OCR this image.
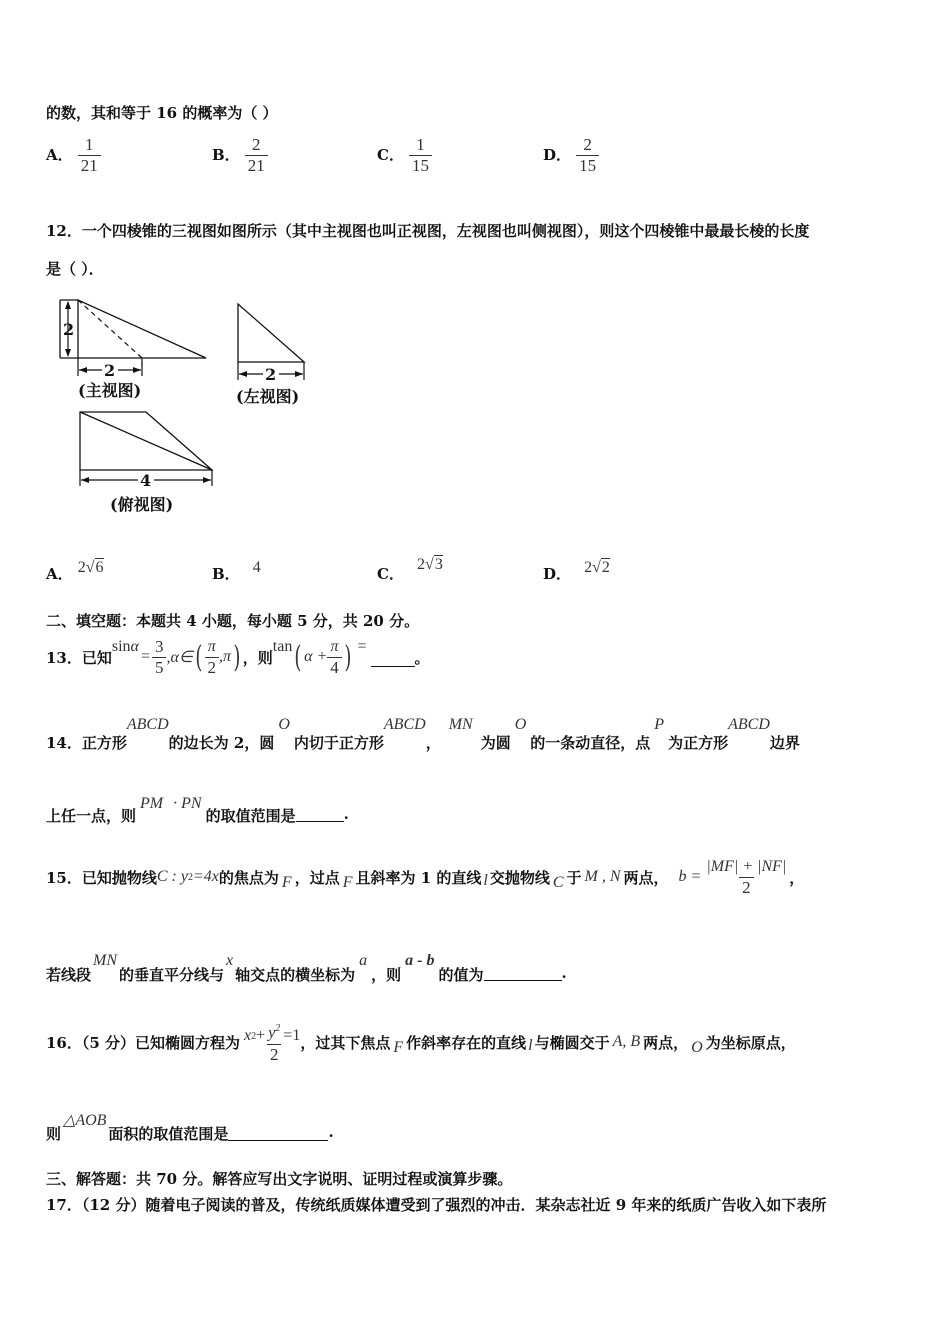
的数，其和等于 16 的概率为（ ）
A． $\frac{1}{21}$	B． $\frac{2}{21}$	C． $\frac{1}{15}$	D． $\frac{2}{15}$
12．一个四棱锥的三视图如图所示（其中主视图也叫正视图，左视图也叫侧视图），则这个四棱锥中最最长棱的长度
是（ ）．
2
2
(主视图)
2
(左视图)
4
(俯视图)
A． 2√6	B． 4	C． 2√3
D． 2√2
二、填空题：本题共 4 小题，每小题 5 分，共 20 分。
13．已知
sin α
= $\frac{3}{5}$ ,α∈ ( $\frac{\pi}{2} ,\pi$ ) ，则
tan ( $\alpha + \frac{\pi}{4}$ ) =
。
14．正方形
ABCD
的边长为 2，圆
O
内切于正方形
ABCD
，
MN
为圆
O
的一条动直径，点
P
为正方形
ABCD
边界
上任一点，则
PM · PN
的取值范围是	.
15．已知抛物线 C : y 2 =4x 的焦点为 F ，过点 F 且斜率为 1 的直线 l 交抛物线 C 于 M , N 两点， $b = \frac{|MF| + |NF|}{2}$ ，
若线段
MN
的垂直平分线与
x
轴交点的横坐标为
a
，则
a - b
的值为	.
16．（5 分）已知椭圆方程为 x $2 + \frac{y^2}{2} =1$ ，过其下焦点 F 作斜率存在的直线 l 与椭圆交于 A, B 两点， O 为坐标原点，
则
△AOB
面积的取值范围是	.
三、解答题：共 70 分。解答应写出文字说明、证明过程或演算步骤。
17．（12 分）随着电子阅读的普及，传统纸质媒体遭受到了强烈的冲击．某杂志社近 9 年来的纸质广告收入如下表所
